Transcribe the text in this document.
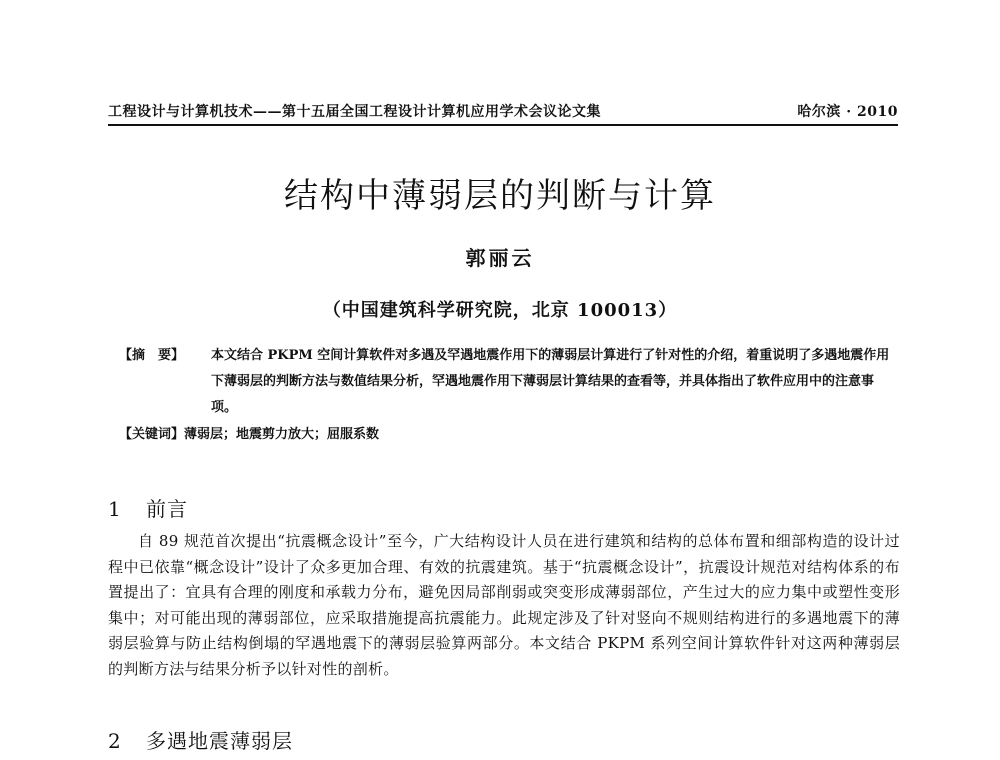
工程设计与计算机技术——第十五届全国工程设计计算机应用学术会议论文集	哈尔滨 · 2010
结构中薄弱层的判断与计算
郭丽云
（中国建筑科学研究院，北京 100013）
【摘　要】	本文结合 PKPM 空间计算软件对多遇及罕遇地震作用下的薄弱层计算进行了针对性的介绍，着重说明了多遇地震作用下薄弱层的判断方法与数值结果分析，罕遇地震作用下薄弱层计算结果的查看等，并具体指出了软件应用中的注意事项。
【关键词】薄弱层；地震剪力放大；屈服系数
1 前言
自 89 规范首次提出“抗震概念设计”至今，广大结构设计人员在进行建筑和结构的总体布置和细部构造的设计过程中已依靠“概念设计”设计了众多更加合理、有效的抗震建筑。基于“抗震概念设计”，抗震设计规范对结构体系的布置提出了：宜具有合理的刚度和承载力分布，避免因局部削弱或突变形成薄弱部位，产生过大的应力集中或塑性变形集中；对可能出现的薄弱部位，应采取措施提高抗震能力。此规定涉及了针对竖向不规则结构进行的多遇地震下的薄弱层验算与防止结构倒塌的罕遇地震下的薄弱层验算两部分。本文结合 PKPM 系列空间计算软件针对这两种薄弱层的判断方法与结果分析予以针对性的剖析。
2 多遇地震薄弱层
